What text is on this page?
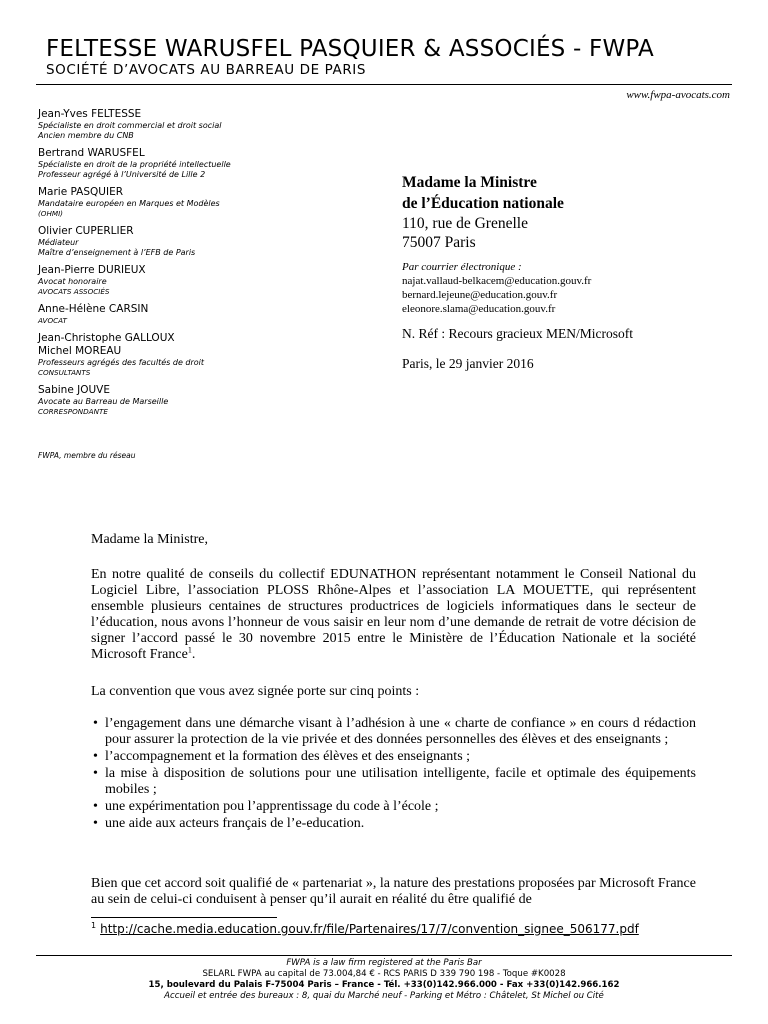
FELTESSE WARUSFEL PASQUIER & ASSOCIÉS - FWPA
SOCIÉTÉ D’AVOCATS AU BARREAU DE PARIS
www.fwpa-avocats.com
Jean-Yves FELTESSE
Spécialiste en droit commercial et droit social
Ancien membre du CNB
Bertrand WARUSFEL
Spécialiste en droit de la propriété intellectuelle
Professeur agrégé à l’Université de Lille 2
Marie PASQUIER
Mandataire européen en Marques et Modèles
(OHMI)
Olivier CUPERLIER
Médiateur
Maître d’enseignement à l’EFB de Paris
Jean-Pierre DURIEUX
Avocat honoraire
AVOCATS ASSOCIÉS
Anne-Hélène CARSIN
AVOCAT
Jean-Christophe GALLOUX
Michel MOREAU
Professeurs agrégés des facultés de droit
CONSULTANTS
Sabine JOUVE
Avocate au Barreau de Marseille
CORRESPONDANTE
FWPA, membre du réseau
Madame la Ministre
de l’Éducation nationale
110, rue de Grenelle
75007 Paris
Par courrier électronique :
najat.vallaud-belkacem@education.gouv.fr
bernard.lejeune@education.gouv.fr
eleonore.slama@education.gouv.fr
N. Réf : Recours gracieux MEN/Microsoft
Paris, le 29 janvier 2016
Madame la Ministre,
En notre qualité de conseils du collectif EDUNATHON représentant notamment le Conseil National du Logiciel Libre, l’association PLOSS Rhône-Alpes et l’association LA MOUETTE, qui représentent ensemble plusieurs centaines de structures productrices de logiciels informatiques dans le secteur de l’éducation, nous avons l’honneur de vous saisir en leur nom d’une demande de retrait de votre décision de signer l’accord passé le 30 novembre 2015 entre le Ministère de l’Éducation Nationale et la société Microsoft France$^1$.
La convention que vous avez signée porte sur cinq points :
• l’engagement dans une démarche visant à l’adhésion à une « charte de confiance » en cours d rédaction pour assurer la protection de la vie privée et des données personnelles des élèves et des enseignants ;
• l’accompagnement et la formation des élèves et des enseignants ;
• la mise à disposition de solutions pour une utilisation intelligente, facile et optimale des équipements mobiles ;
• une expérimentation pou l’apprentissage du code à l’école ;
• une aide aux acteurs français de l’e-education.
Bien que cet accord soit qualifié de « partenariat », la nature des prestations proposées par Microsoft France au sein de celui-ci conduisent à penser qu’il aurait en réalité du être qualifié de
$^1$ http://cache.media.education.gouv.fr/file/Partenaires/17/7/convention_signee_506177.pdf
FWPA is a law firm registered at the Paris Bar
SELARL FWPA au capital de 73.004,84 € - RCS PARIS D 339 790 198 - Toque #K0028
15, boulevard du Palais F-75004 Paris – France - Tél. +33(0)142.966.000 - Fax +33(0)142.966.162
Accueil et entrée des bureaux : 8, quai du Marché neuf - Parking et Métro : Châtelet, St Michel ou Cité
